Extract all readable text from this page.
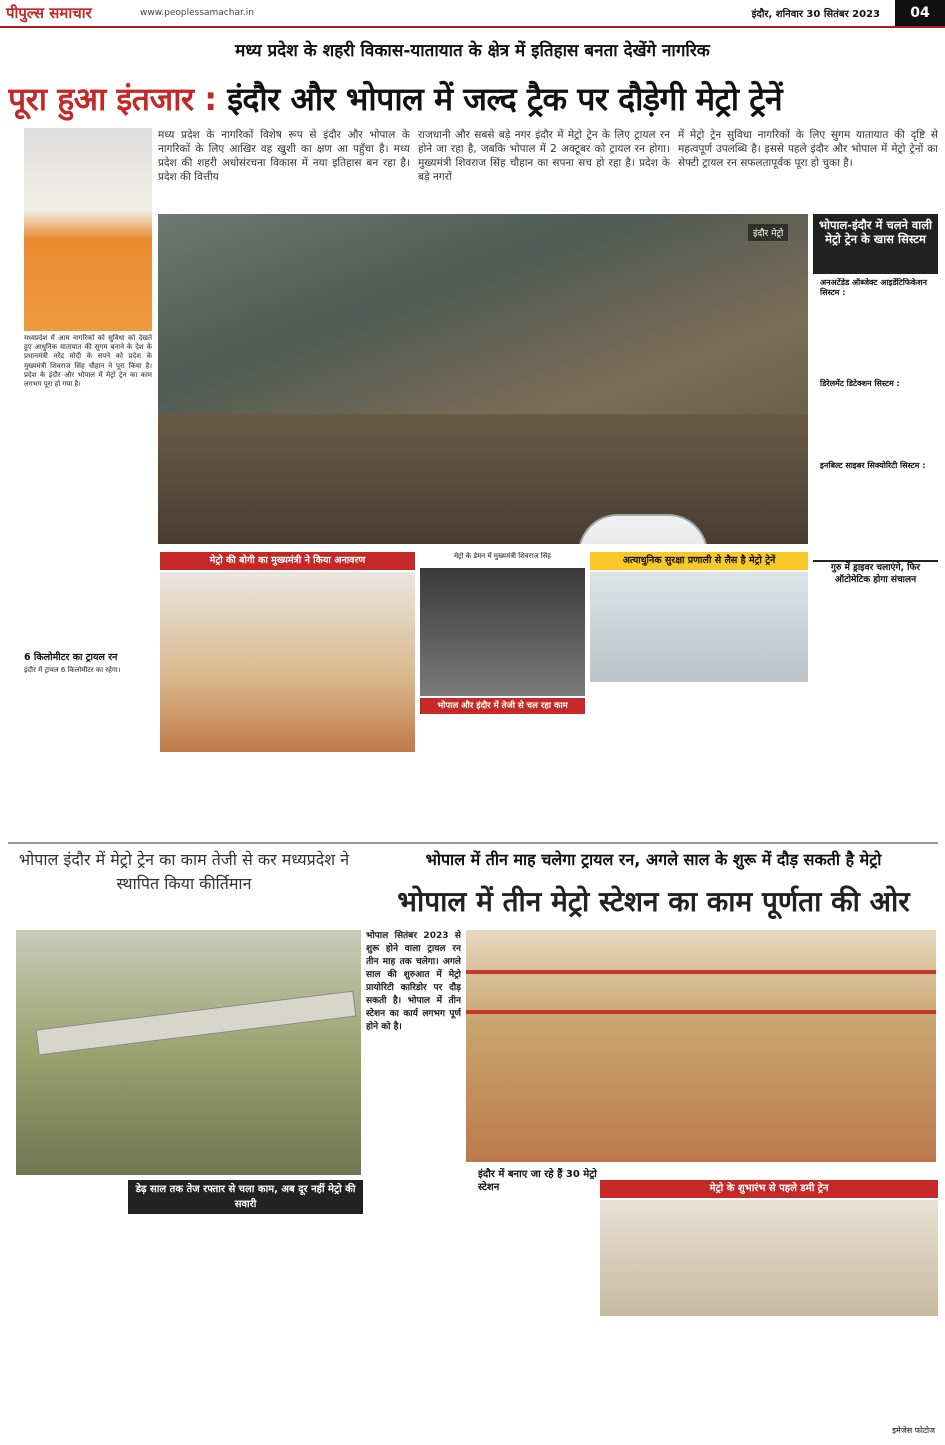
पीपुल्स समाचार	www.peoplessamachar.in	इंदौर, शनिवार 30 सितंबर 2023	04
मध्य प्रदेश के शहरी विकास-यातायात के क्षेत्र में इतिहास बनता देखेंगे नागरिक
पूरा हुआ इंतजार : इंदौर और भोपाल में जल्द ट्रैक पर दौड़ेगी मेट्रो ट्रेनें
मध्य प्रदेश के नागरिकों विशेष रूप से इंदौर और भोपाल के नागरिकों के लिए आखिर वह खुशी का क्षण आ पहुँचा है। मध्य प्रदेश की शहरी अधोसंरचना विकास में नया इतिहास बन रहा है। प्रदेश की वित्तीय
राजधानी और सबसे बड़े नगर इंदौर में मेट्रो ट्रेन के लिए ट्रायल रन होने जा रहा है, जबकि भोपाल में 2 अक्टूबर को ट्रायल रन होगा। मुख्यमंत्री शिवराज सिंह चौहान का सपना सच हो रहा है। प्रदेश के बड़े नगरों
में मेट्रो ट्रेन सुविधा नागरिकों के लिए सुगम यातायात की दृष्टि से महत्वपूर्ण उपलब्धि है। इससे पहले इंदौर और भोपाल में मेट्रो ट्रेनों का सेफ्टी ट्रायल रन सफलतापूर्वक पूरा हो चुका है।
मध्यप्रदेश में आम नागरिकों को सुविधा को देखते हुए आधुनिक यातायात की सुगम बनाने के देश के प्रधानमंत्री नरेंद्र मोदी के सपने को प्रदेश के मुख्यमंत्री शिवराज सिंह चौहान ने पूरा किया है। प्रदेश के इंदौर और भोपाल में मेट्रो ट्रेन का काम लगभग पूरा हो गया है।
6 किलोमीटर का ट्रायल रन
इंदौर में ट्रायल 6 किलोमीटर का रहेगा।
इंदौर मेट्रो
भोपाल-इंदौर में चलने वाली मेट्रो ट्रेन के खास सिस्टम
अनअटेंडेड ऑब्जेक्ट आइडेंटिफिकेशन सिस्टम :
डिरेलमेंट डिटेक्शन सिस्टम :
इनबिल्ट साइबर सिक्योरिटी सिस्टम :
गुरु में ड्राइवर चलाएंगे, फिर ऑटोमेटिक होगा संचालन
मेट्रो की बोगी का मुख्यमंत्री ने किया अनावरण	मेट्रो के डेमन में मुख्यमंत्री शिवराज सिंह
भोपाल और इंदौर में तेजी से चल रहा काम
अत्याधुनिक सुरक्षा प्रणाली से लैस है मेट्रो ट्रेनें
भोपाल इंदौर में मेट्रो ट्रेन का काम तेजी से कर मध्यप्रदेश ने स्थापित किया कीर्तिमान
भोपाल में तीन माह चलेगा ट्रायल रन, अगले साल के शुरू में दौड़ सकती है मेट्रो
भोपाल में तीन मेट्रो स्टेशन का काम पूर्णता की ओर
भोपाल सितंबर 2023 से शुरू होने वाला ट्रायल रन तीन माह तक चलेगा। अगले साल की शुरुआत में मेट्रो प्रायोरिटी कारिडोर पर दौड़ सकती है। भोपाल में तीन स्टेशन का कार्य लगभग पूर्ण होने को है।
इंदौर में बनाए जा रहे हैं 30 मेट्रो स्टेशन
डेढ़ साल तक तेज रफ्तार से चला काम, अब दूर नहीं मेट्रो की सवारी
मेट्रो के शुभारंभ से पहले डमी ट्रेन
इमेजेस फोटोज
